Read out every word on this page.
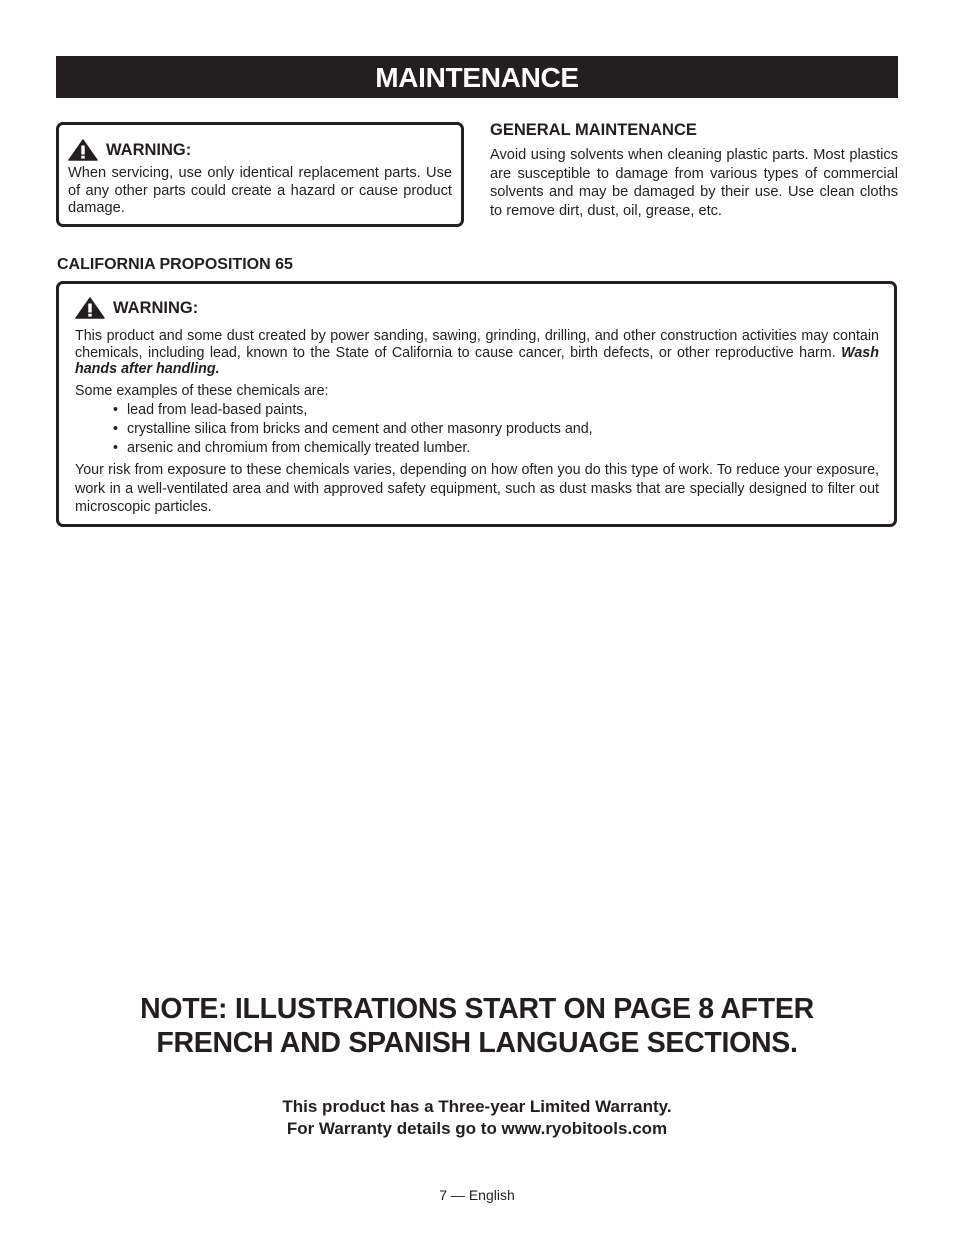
MAINTENANCE
WARNING:

When servicing, use only identical replacement parts. Use of any other parts could create a hazard or cause product damage.

GENERAL MAINTENANCE

Avoid using solvents when cleaning plastic parts. Most plastics are susceptible to damage from various types of commercial solvents and may be damaged by their use. Use clean cloths to remove dirt, dust, oil, grease, etc.

CALIFORNIA PROPOSITION 65
WARNING:

This product and some dust created by power sanding, sawing, grinding, drilling, and other construction activities may contain chemicals, including lead, known to the State of California to cause cancer, birth defects, or other reproductive harm. Wash hands after handling.

Some examples of these chemicals are:

• lead from lead-based paints,
• crystalline silica from bricks and cement and other masonry products and,
• arsenic and chromium from chemically treated lumber.

Your risk from exposure to these chemicals varies, depending on how often you do this type of work. To reduce your exposure, work in a well-ventilated area and with approved safety equipment, such as dust masks that are specially designed to filter out microscopic particles.

NOTE: ILLUSTRATIONS START ON PAGE 8 AFTER
FRENCH AND SPANISH LANGUAGE SECTIONS.
This product has a Three-year Limited Warranty.
For Warranty details go to www.ryobitools.com
7 — English
